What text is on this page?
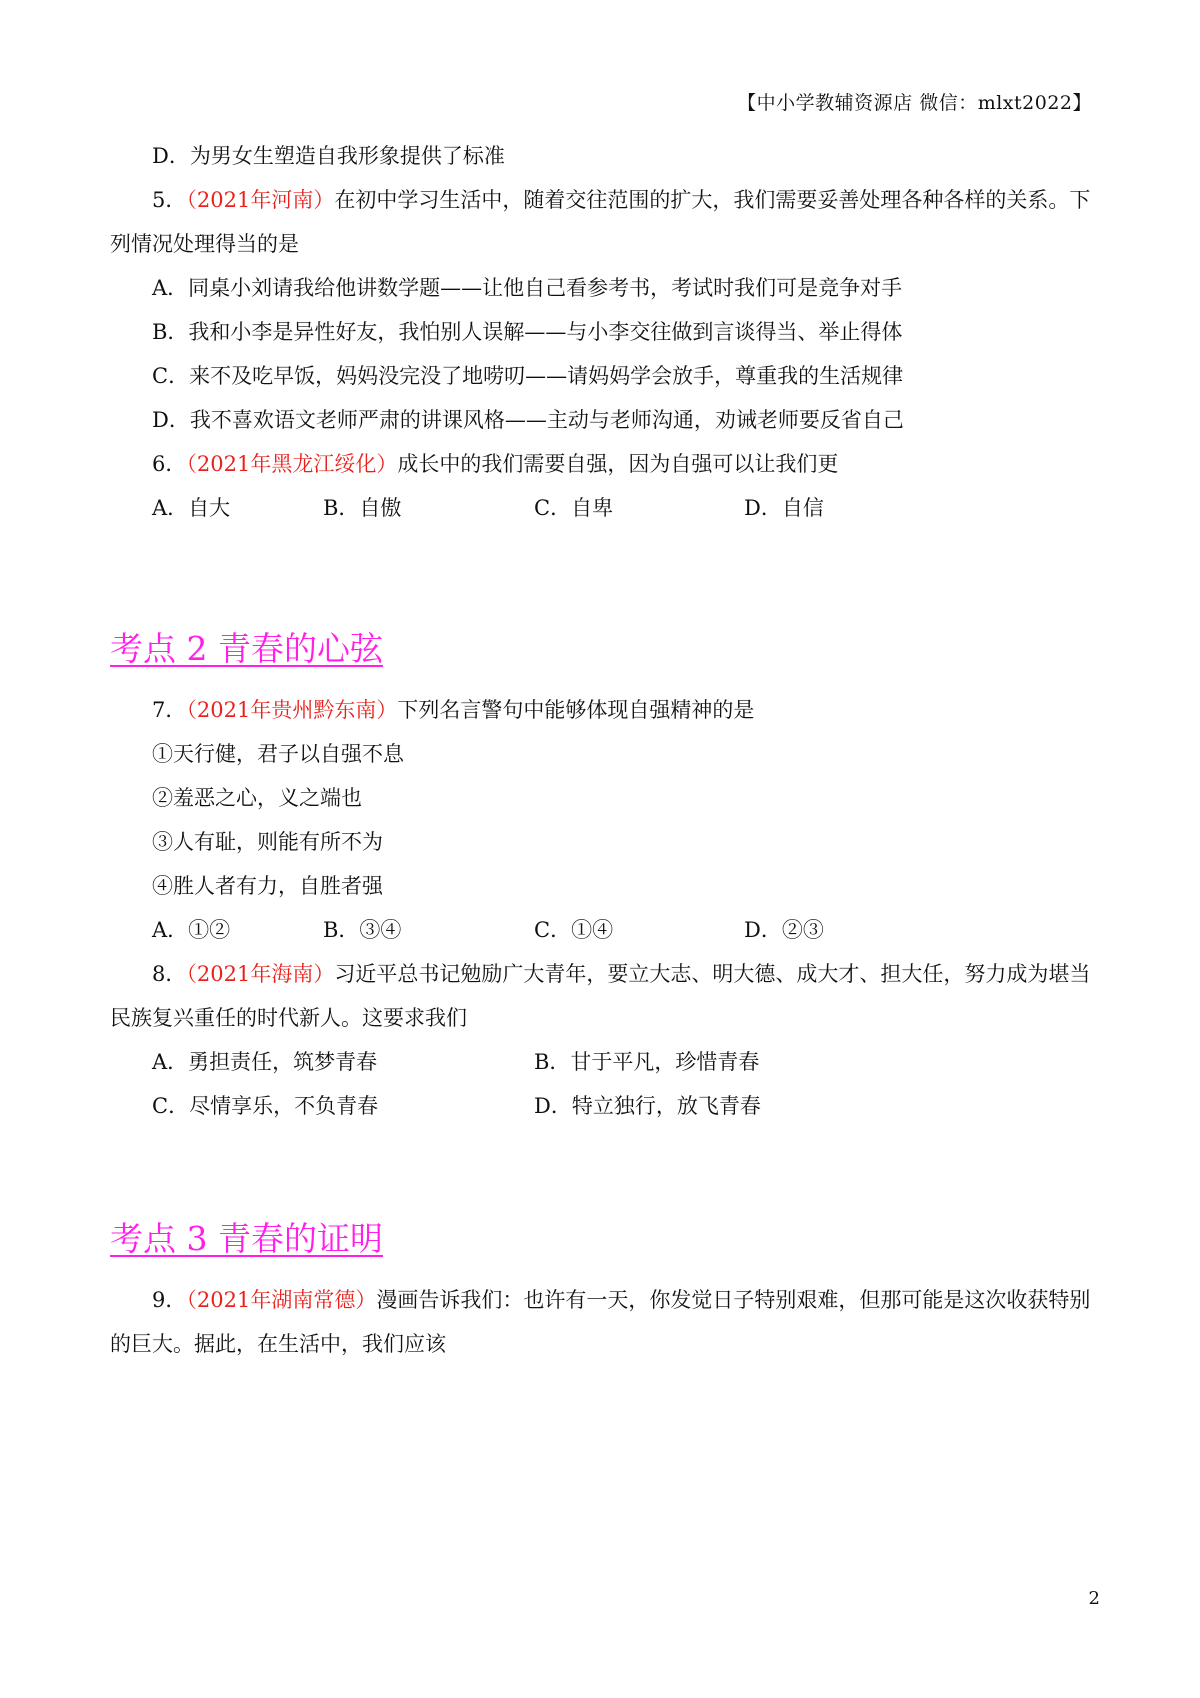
【中小学教辅资源店 微信：mlxt2022】
D．为男女生塑造自我形象提供了标准
5．（2021年河南）在初中学习生活中，随着交往范围的扩大，我们需要妥善处理各种各样的关系。下
列情况处理得当的是
A．同桌小刘请我给他讲数学题——让他自己看参考书，考试时我们可是竞争对手
B．我和小李是异性好友，我怕别人误解——与小李交往做到言谈得当、举止得体
C．来不及吃早饭，妈妈没完没了地唠叨——请妈妈学会放手，尊重我的生活规律
D．我不喜欢语文老师严肃的讲课风格——主动与老师沟通，劝诫老师要反省自己
6．（2021年黑龙江绥化）成长中的我们需要自强，因为自强可以让我们更
A．自大	B．自傲	C．自卑	D．自信
考点 2 青春的心弦
7．（2021年贵州黔东南）下列名言警句中能够体现自强精神的是
①天行健，君子以自强不息
②羞恶之心，义之端也
③人有耻，则能有所不为
④胜人者有力，自胜者强
A．①②	B．③④	C．①④	D．②③
8．（2021年海南）习近平总书记勉励广大青年，要立大志、明大德、成大才、担大任，努力成为堪当
民族复兴重任的时代新人。这要求我们
A．勇担责任，筑梦青春	B．甘于平凡，珍惜青春
C．尽情享乐，不负青春	D．特立独行，放飞青春
考点 3 青春的证明
9．（2021年湖南常德）漫画告诉我们：也许有一天，你发觉日子特别艰难，但那可能是这次收获特别
的巨大。据此，在生活中，我们应该
2
